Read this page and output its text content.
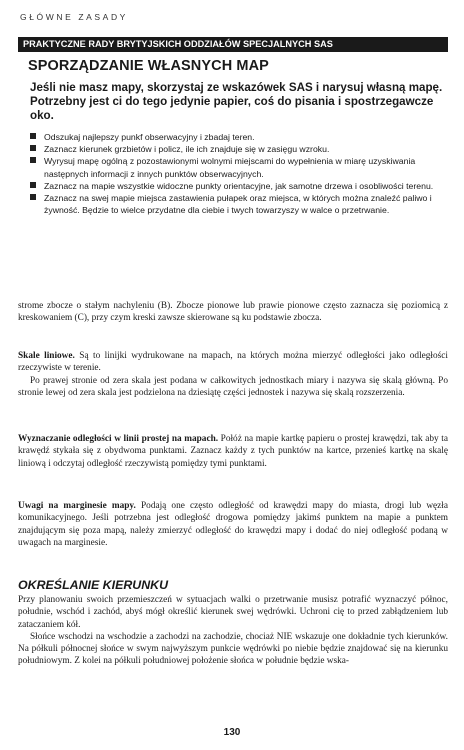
GŁÓWNE ZASADY
PRAKTYCZNE RADY BRYTYJSKICH ODDZIAŁÓW SPECJALNYCH SAS
SPORZĄDZANIE WŁASNYCH MAP
Jeśli nie masz mapy, skorzystaj ze wskazówek SAS i narysuj własną mapę. Potrzebny jest ci do tego jedynie papier, coś do pisania i spostrzegawcze oko.
Odszukaj najlepszy punkf obserwacyjny i zbadaj teren.
Zaznacz kierunek grzbietów i policz, ile ich znajduje się w zasięgu wzroku.
Wyrysuj mapę ogólną z pozostawionymi wolnymi miejscami do wypełnienia w miarę uzyskiwania następnych informacji z innych punktów obserwacyjnych.
Zaznacz na mapie wszystkie widoczne punkty orientacyjne, jak samotne drzewa i osobliwości terenu.
Zaznacz na swej mapie miejsca zastawienia pułapek oraz miejsca, w których można znaleźć paliwo i żywność. Będzie to wielce przydatne dla ciebie i twych towarzyszy w walce o przetrwanie.

strome zbocze o stałym nachyleniu (B). Zbocze pionowe lub prawie pionowe często zaznacza się poziomicą z kreskowaniem (C), przy czym kreski zawsze skierowane są ku podstawie zbocza.

Skale liniowe. Są to linijki wydrukowane na mapach, na których można mierzyć odległości jako odległości rzeczywiste w terenie.

Po prawej stronie od zera skala jest podana w całkowitych jednostkach miary i nazywa się skalą główną. Po stronie lewej od zera skala jest podzielona na dziesiątę części jednostek i nazywa się skalą rozszerzenia.

Wyznaczanie odległości w linii prostej na mapach. Połóż na mapie kartkę papieru o prostej krawędzi, tak aby ta krawędź stykała się z obydwoma punktami. Zaznacz każdy z tych punktów na kartce, przenieś kartkę na skalę liniową i odczytaj odległość rzeczywistą pomiędzy tymi punktami.

Uwagi na marginesie mapy. Podają one często odległość od krawędzi mapy do miasta, drogi lub węzła komunikacyjnego. Jeśli potrzebna jest odległość drogowa pomiędzy jakimś punktem na mapie a punktem znajdującym się poza mapą, należy zmierzyć odległość do krawędzi mapy i dodać do niej odległość podaną w uwagach na marginesie.

OKREŚLANIE KIERUNKU

Przy planowaniu swoich przemieszczeń w sytuacjach walki o przetrwanie musisz potrafić wyznaczyć północ, południe, wschód i zachód, abyś mógł określić kierunek swej wędrówki. Uchroni cię to przed zabłądzeniem lub zataczaniem kół.

Słońce wschodzi na wschodzie a zachodzi na zachodzie, chociaż NIE wskazuje one dokładnie tych kierunków. Na półkuli północnej słońce w swym najwyższym punkcie wędrówki po niebie będzie znajdować się na kierunku południowym. Z kolei na półkuli południowej położenie słońca w południe będzie wska-

130
